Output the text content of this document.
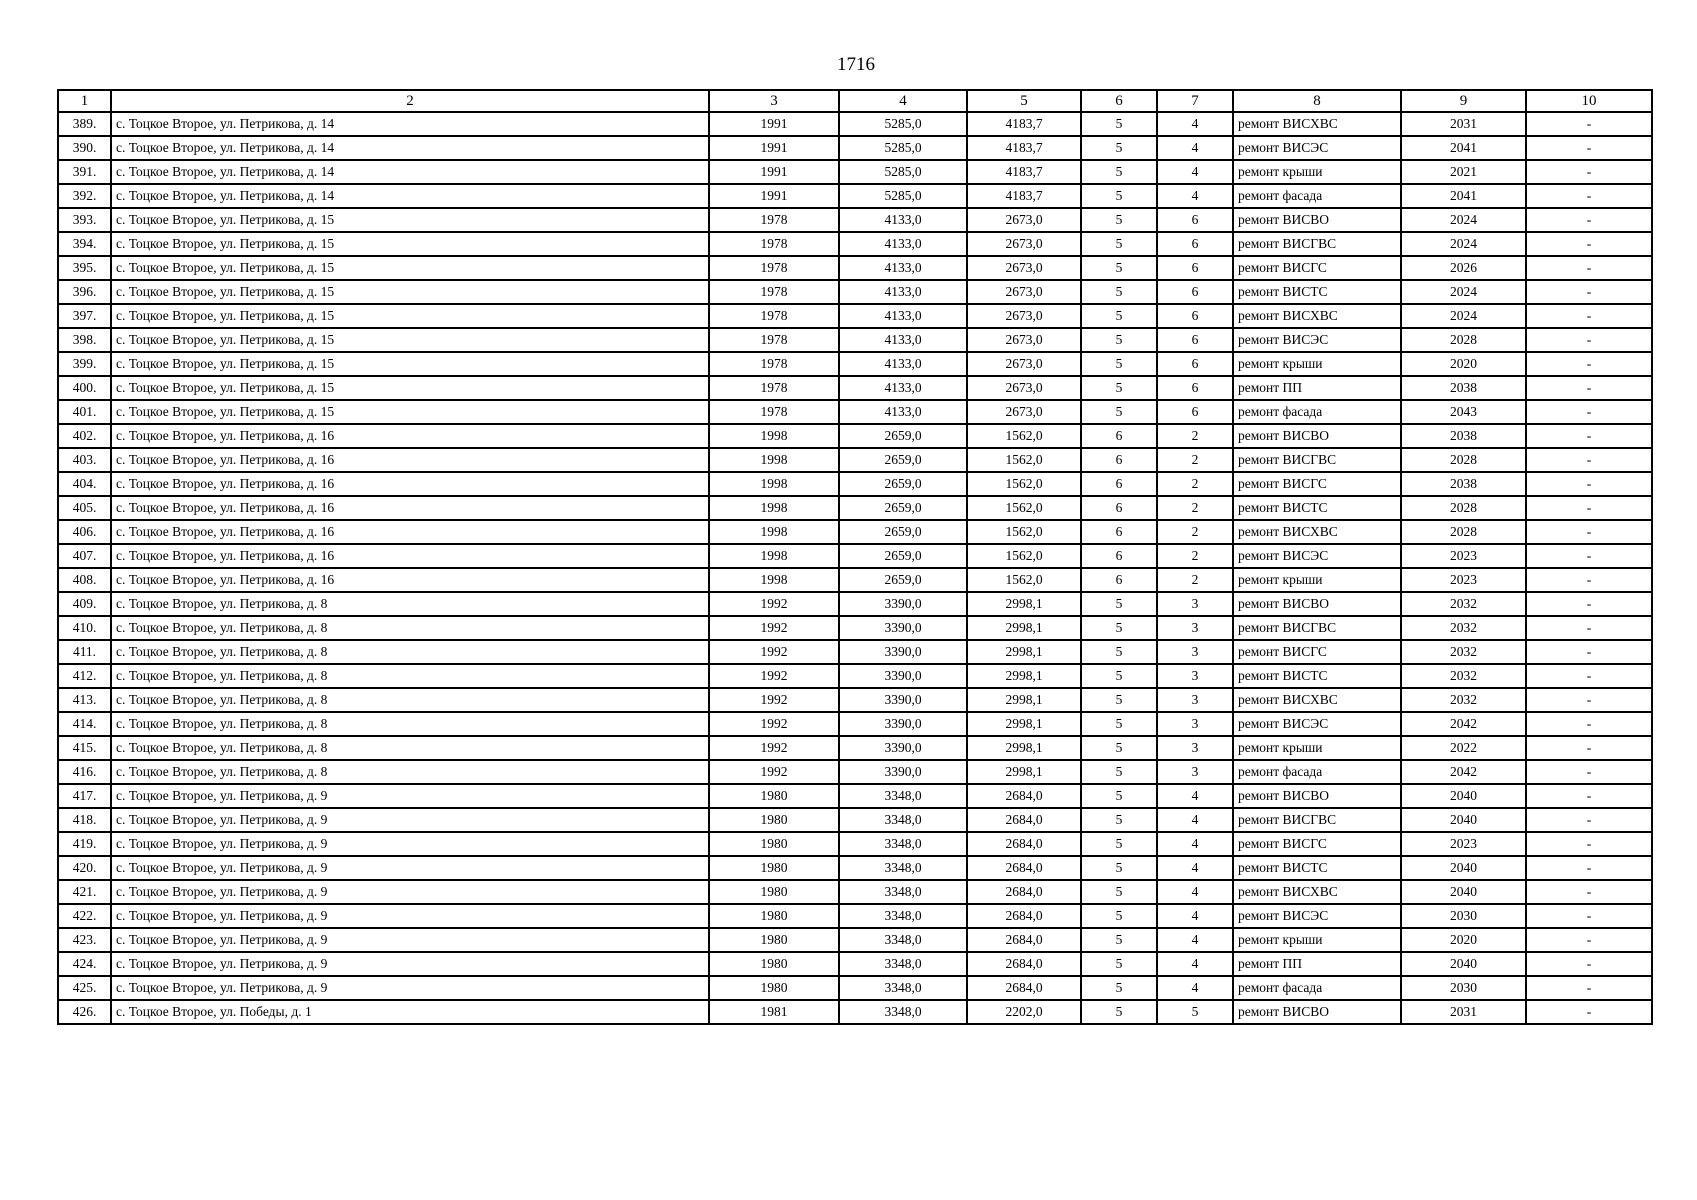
1716
1	2	3	4	5	6	7	8	9	10
389.	с. Тоцкое Второе, ул. Петрикова, д. 14	1991	5285,0	4183,7	5	4	ремонт ВИСХВС	2031	-
390.	с. Тоцкое Второе, ул. Петрикова, д. 14	1991	5285,0	4183,7	5	4	ремонт ВИСЭС	2041	-
391.	с. Тоцкое Второе, ул. Петрикова, д. 14	1991	5285,0	4183,7	5	4	ремонт крыши	2021	-
392.	с. Тоцкое Второе, ул. Петрикова, д. 14	1991	5285,0	4183,7	5	4	ремонт фасада	2041	-
393.	с. Тоцкое Второе, ул. Петрикова, д. 15	1978	4133,0	2673,0	5	6	ремонт ВИСВО	2024	-
394.	с. Тоцкое Второе, ул. Петрикова, д. 15	1978	4133,0	2673,0	5	6	ремонт ВИСГВС	2024	-
395.	с. Тоцкое Второе, ул. Петрикова, д. 15	1978	4133,0	2673,0	5	6	ремонт ВИСГС	2026	-
396.	с. Тоцкое Второе, ул. Петрикова, д. 15	1978	4133,0	2673,0	5	6	ремонт ВИСТС	2024	-
397.	с. Тоцкое Второе, ул. Петрикова, д. 15	1978	4133,0	2673,0	5	6	ремонт ВИСХВС	2024	-
398.	с. Тоцкое Второе, ул. Петрикова, д. 15	1978	4133,0	2673,0	5	6	ремонт ВИСЭС	2028	-
399.	с. Тоцкое Второе, ул. Петрикова, д. 15	1978	4133,0	2673,0	5	6	ремонт крыши	2020	-
400.	с. Тоцкое Второе, ул. Петрикова, д. 15	1978	4133,0	2673,0	5	6	ремонт ПП	2038	-
401.	с. Тоцкое Второе, ул. Петрикова, д. 15	1978	4133,0	2673,0	5	6	ремонт фасада	2043	-
402.	с. Тоцкое Второе, ул. Петрикова, д. 16	1998	2659,0	1562,0	6	2	ремонт ВИСВО	2038	-
403.	с. Тоцкое Второе, ул. Петрикова, д. 16	1998	2659,0	1562,0	6	2	ремонт ВИСГВС	2028	-
404.	с. Тоцкое Второе, ул. Петрикова, д. 16	1998	2659,0	1562,0	6	2	ремонт ВИСГС	2038	-
405.	с. Тоцкое Второе, ул. Петрикова, д. 16	1998	2659,0	1562,0	6	2	ремонт ВИСТС	2028	-
406.	с. Тоцкое Второе, ул. Петрикова, д. 16	1998	2659,0	1562,0	6	2	ремонт ВИСХВС	2028	-
407.	с. Тоцкое Второе, ул. Петрикова, д. 16	1998	2659,0	1562,0	6	2	ремонт ВИСЭС	2023	-
408.	с. Тоцкое Второе, ул. Петрикова, д. 16	1998	2659,0	1562,0	6	2	ремонт крыши	2023	-
409.	с. Тоцкое Второе, ул. Петрикова, д. 8	1992	3390,0	2998,1	5	3	ремонт ВИСВО	2032	-
410.	с. Тоцкое Второе, ул. Петрикова, д. 8	1992	3390,0	2998,1	5	3	ремонт ВИСГВС	2032	-
411.	с. Тоцкое Второе, ул. Петрикова, д. 8	1992	3390,0	2998,1	5	3	ремонт ВИСГС	2032	-
412.	с. Тоцкое Второе, ул. Петрикова, д. 8	1992	3390,0	2998,1	5	3	ремонт ВИСТС	2032	-
413.	с. Тоцкое Второе, ул. Петрикова, д. 8	1992	3390,0	2998,1	5	3	ремонт ВИСХВС	2032	-
414.	с. Тоцкое Второе, ул. Петрикова, д. 8	1992	3390,0	2998,1	5	3	ремонт ВИСЭС	2042	-
415.	с. Тоцкое Второе, ул. Петрикова, д. 8	1992	3390,0	2998,1	5	3	ремонт крыши	2022	-
416.	с. Тоцкое Второе, ул. Петрикова, д. 8	1992	3390,0	2998,1	5	3	ремонт фасада	2042	-
417.	с. Тоцкое Второе, ул. Петрикова, д. 9	1980	3348,0	2684,0	5	4	ремонт ВИСВО	2040	-
418.	с. Тоцкое Второе, ул. Петрикова, д. 9	1980	3348,0	2684,0	5	4	ремонт ВИСГВС	2040	-
419.	с. Тоцкое Второе, ул. Петрикова, д. 9	1980	3348,0	2684,0	5	4	ремонт ВИСГС	2023	-
420.	с. Тоцкое Второе, ул. Петрикова, д. 9	1980	3348,0	2684,0	5	4	ремонт ВИСТС	2040	-
421.	с. Тоцкое Второе, ул. Петрикова, д. 9	1980	3348,0	2684,0	5	4	ремонт ВИСХВС	2040	-
422.	с. Тоцкое Второе, ул. Петрикова, д. 9	1980	3348,0	2684,0	5	4	ремонт ВИСЭС	2030	-
423.	с. Тоцкое Второе, ул. Петрикова, д. 9	1980	3348,0	2684,0	5	4	ремонт крыши	2020	-
424.	с. Тоцкое Второе, ул. Петрикова, д. 9	1980	3348,0	2684,0	5	4	ремонт ПП	2040	-
425.	с. Тоцкое Второе, ул. Петрикова, д. 9	1980	3348,0	2684,0	5	4	ремонт фасада	2030	-
426.	с. Тоцкое Второе, ул. Победы, д. 1	1981	3348,0	2202,0	5	5	ремонт ВИСВО	2031	-
